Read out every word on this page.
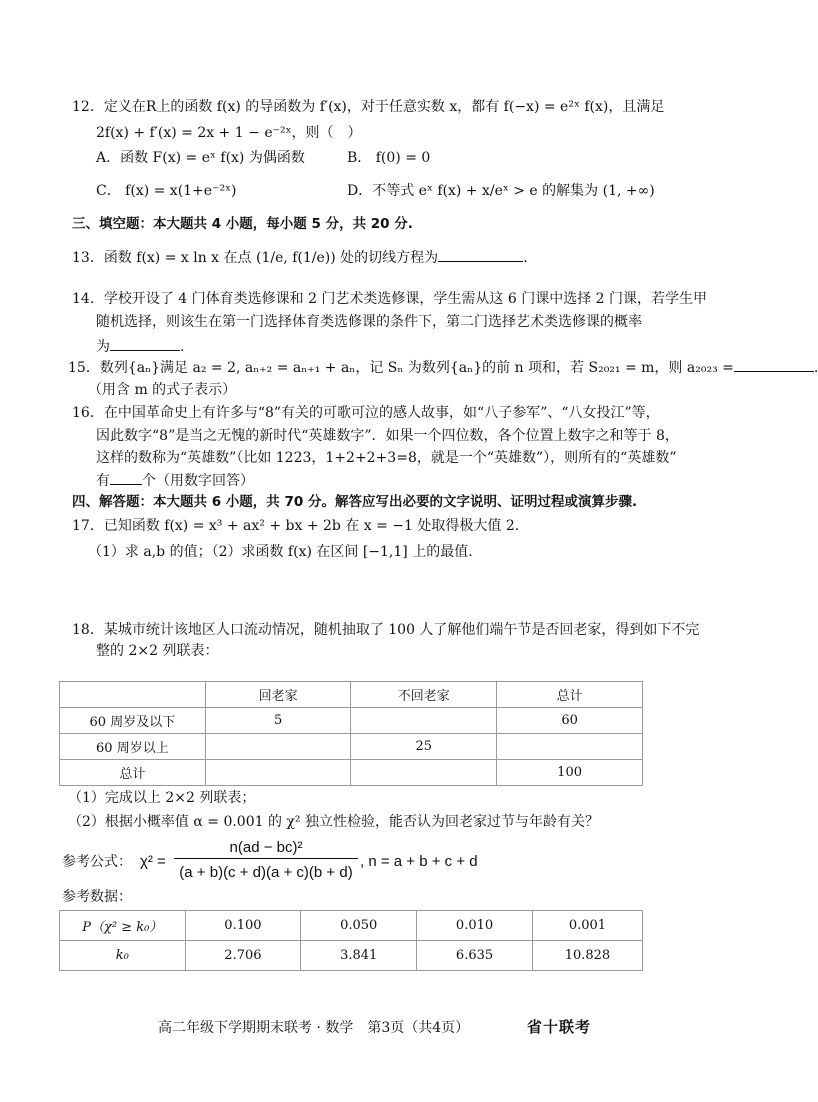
12．定义在R上的函数 f(x) 的导函数为 f′(x)，对于任意实数 x，都有 f(−x) = e²ˣ f(x)，且满足
2f(x) + f′(x) = 2x + 1 − e⁻²ˣ，则（　）
A．函数 F(x) = eˣ f(x) 为偶函数	B． f(0) = 0
C． f(x) = x(1+e⁻²ˣ)	D．不等式 eˣ f(x) + x/eˣ > e 的解集为 (1, +∞)
三、填空题：本大题共 4 小题，每小题 5 分，共 20 分.
13．函数 f(x) = x ln x 在点 (1/e, f(1/e)) 处的切线方程为	.
14．学校开设了 4 门体育类选修课和 2 门艺术类选修课，学生需从这 6 门课中选择 2 门课，若学生甲
随机选择，则该生在第一门选择体育类选修课的条件下，第二门选择艺术类选修课的概率
为	.
15．数列{aₙ}满足 a₂ = 2, aₙ₊₂ = aₙ₊₁ + aₙ，记 Sₙ 为数列{aₙ}的前 n 项和，若 S₂₀₂₁ = m，则 a₂₀₂₃ =	.
（用含 m 的式子表示）
16．在中国革命史上有许多与“8”有关的可歌可泣的感人故事，如“八子参军”、“八女投江”等，
因此数字“8”是当之无愧的新时代“英雄数字”．如果一个四位数，各个位置上数字之和等于 8，
这样的数称为“英雄数”（比如 1223，1+2+2+3=8，就是一个“英雄数”），则所有的“英雄数”
有 个（用数字回答）
四、解答题：本大题共 6 小题，共 70 分。解答应写出必要的文字说明、证明过程或演算步骤.
17．已知函数 f(x) = x³ + ax² + bx + 2b 在 x = −1 处取得极大值 2.
（1）求 a,b 的值；（2）求函数 f(x) 在区间 [−1,1] 上的最值.
18．某城市统计该地区人口流动情况，随机抽取了 100 人了解他们端午节是否回老家，得到如下不完
整的 2×2 列联表：
	回老家	不回老家	总计
60 周岁及以下	5		60
60 周岁以上		25	
总计			100
（1）完成以上 2×2 列联表；
（2）根据小概率值 α = 0.001 的 χ² 独立性检验，能否认为回老家过节与年龄有关？
参考公式： χ² =
n(ad − bc)²
(a + b)(c + d)(a + c)(b + d)
, n = a + b + c + d
参考数据：
P（χ² ≥ k₀）	0.100	0.050	0.010	0.001
k₀	2.706	3.841	6.635	10.828
高二年级下学期期末联考 · 数学　第3页（共4页）	省十联考
